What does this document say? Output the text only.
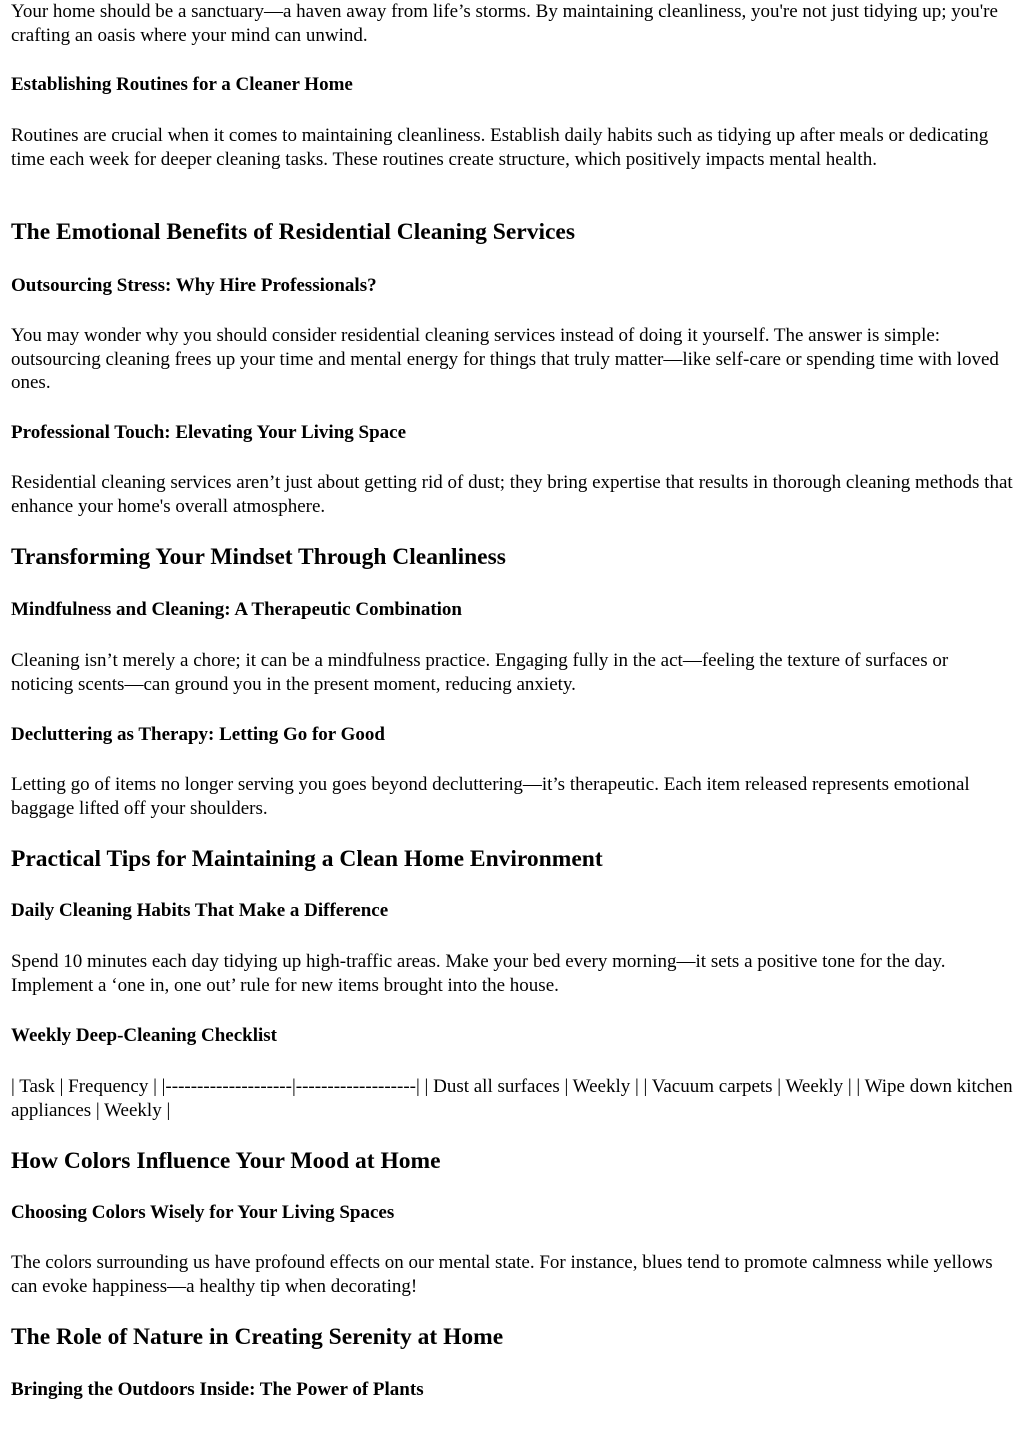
Your home should be a sanctuary—a haven away from life’s storms. By maintaining cleanliness, you're not just tidying up; you're crafting an oasis where your mind can unwind.

Establishing Routines for a Cleaner Home

Routines are crucial when it comes to maintaining cleanliness. Establish daily habits such as tidying up after meals or dedicating time each week for deeper cleaning tasks. These routines create structure, which positively impacts mental health.

The Emotional Benefits of Residential Cleaning Services
Outsourcing Stress: Why Hire Professionals?

You may wonder why you should consider residential cleaning services instead of doing it yourself. The answer is simple: outsourcing cleaning frees up your time and mental energy for things that truly matter—like self-care or spending time with loved ones.

Professional Touch: Elevating Your Living Space

Residential cleaning services aren’t just about getting rid of dust; they bring expertise that results in thorough cleaning methods that enhance your home's overall atmosphere.

Transforming Your Mindset Through Cleanliness
Mindfulness and Cleaning: A Therapeutic Combination

Cleaning isn’t merely a chore; it can be a mindfulness practice. Engaging fully in the act—feeling the texture of surfaces or noticing scents—can ground you in the present moment, reducing anxiety.

Decluttering as Therapy: Letting Go for Good

Letting go of items no longer serving you goes beyond decluttering—it’s therapeutic. Each item released represents emotional baggage lifted off your shoulders.

Practical Tips for Maintaining a Clean Home Environment
Daily Cleaning Habits That Make a Difference

Spend 10 minutes each day tidying up high-traffic areas. Make your bed every morning—it sets a positive tone for the day. Implement a ‘one in, one out’ rule for new items brought into the house.

Weekly Deep-Cleaning Checklist

| Task | Frequency | |--------------------|-------------------| | Dust all surfaces | Weekly | | Vacuum carpets | Weekly | | Wipe down kitchen appliances | Weekly |

How Colors Influence Your Mood at Home
Choosing Colors Wisely for Your Living Spaces

The colors surrounding us have profound effects on our mental state. For instance, blues tend to promote calmness while yellows can evoke happiness—a healthy tip when decorating!

The Role of Nature in Creating Serenity at Home
Bringing the Outdoors Inside: The Power of Plants
